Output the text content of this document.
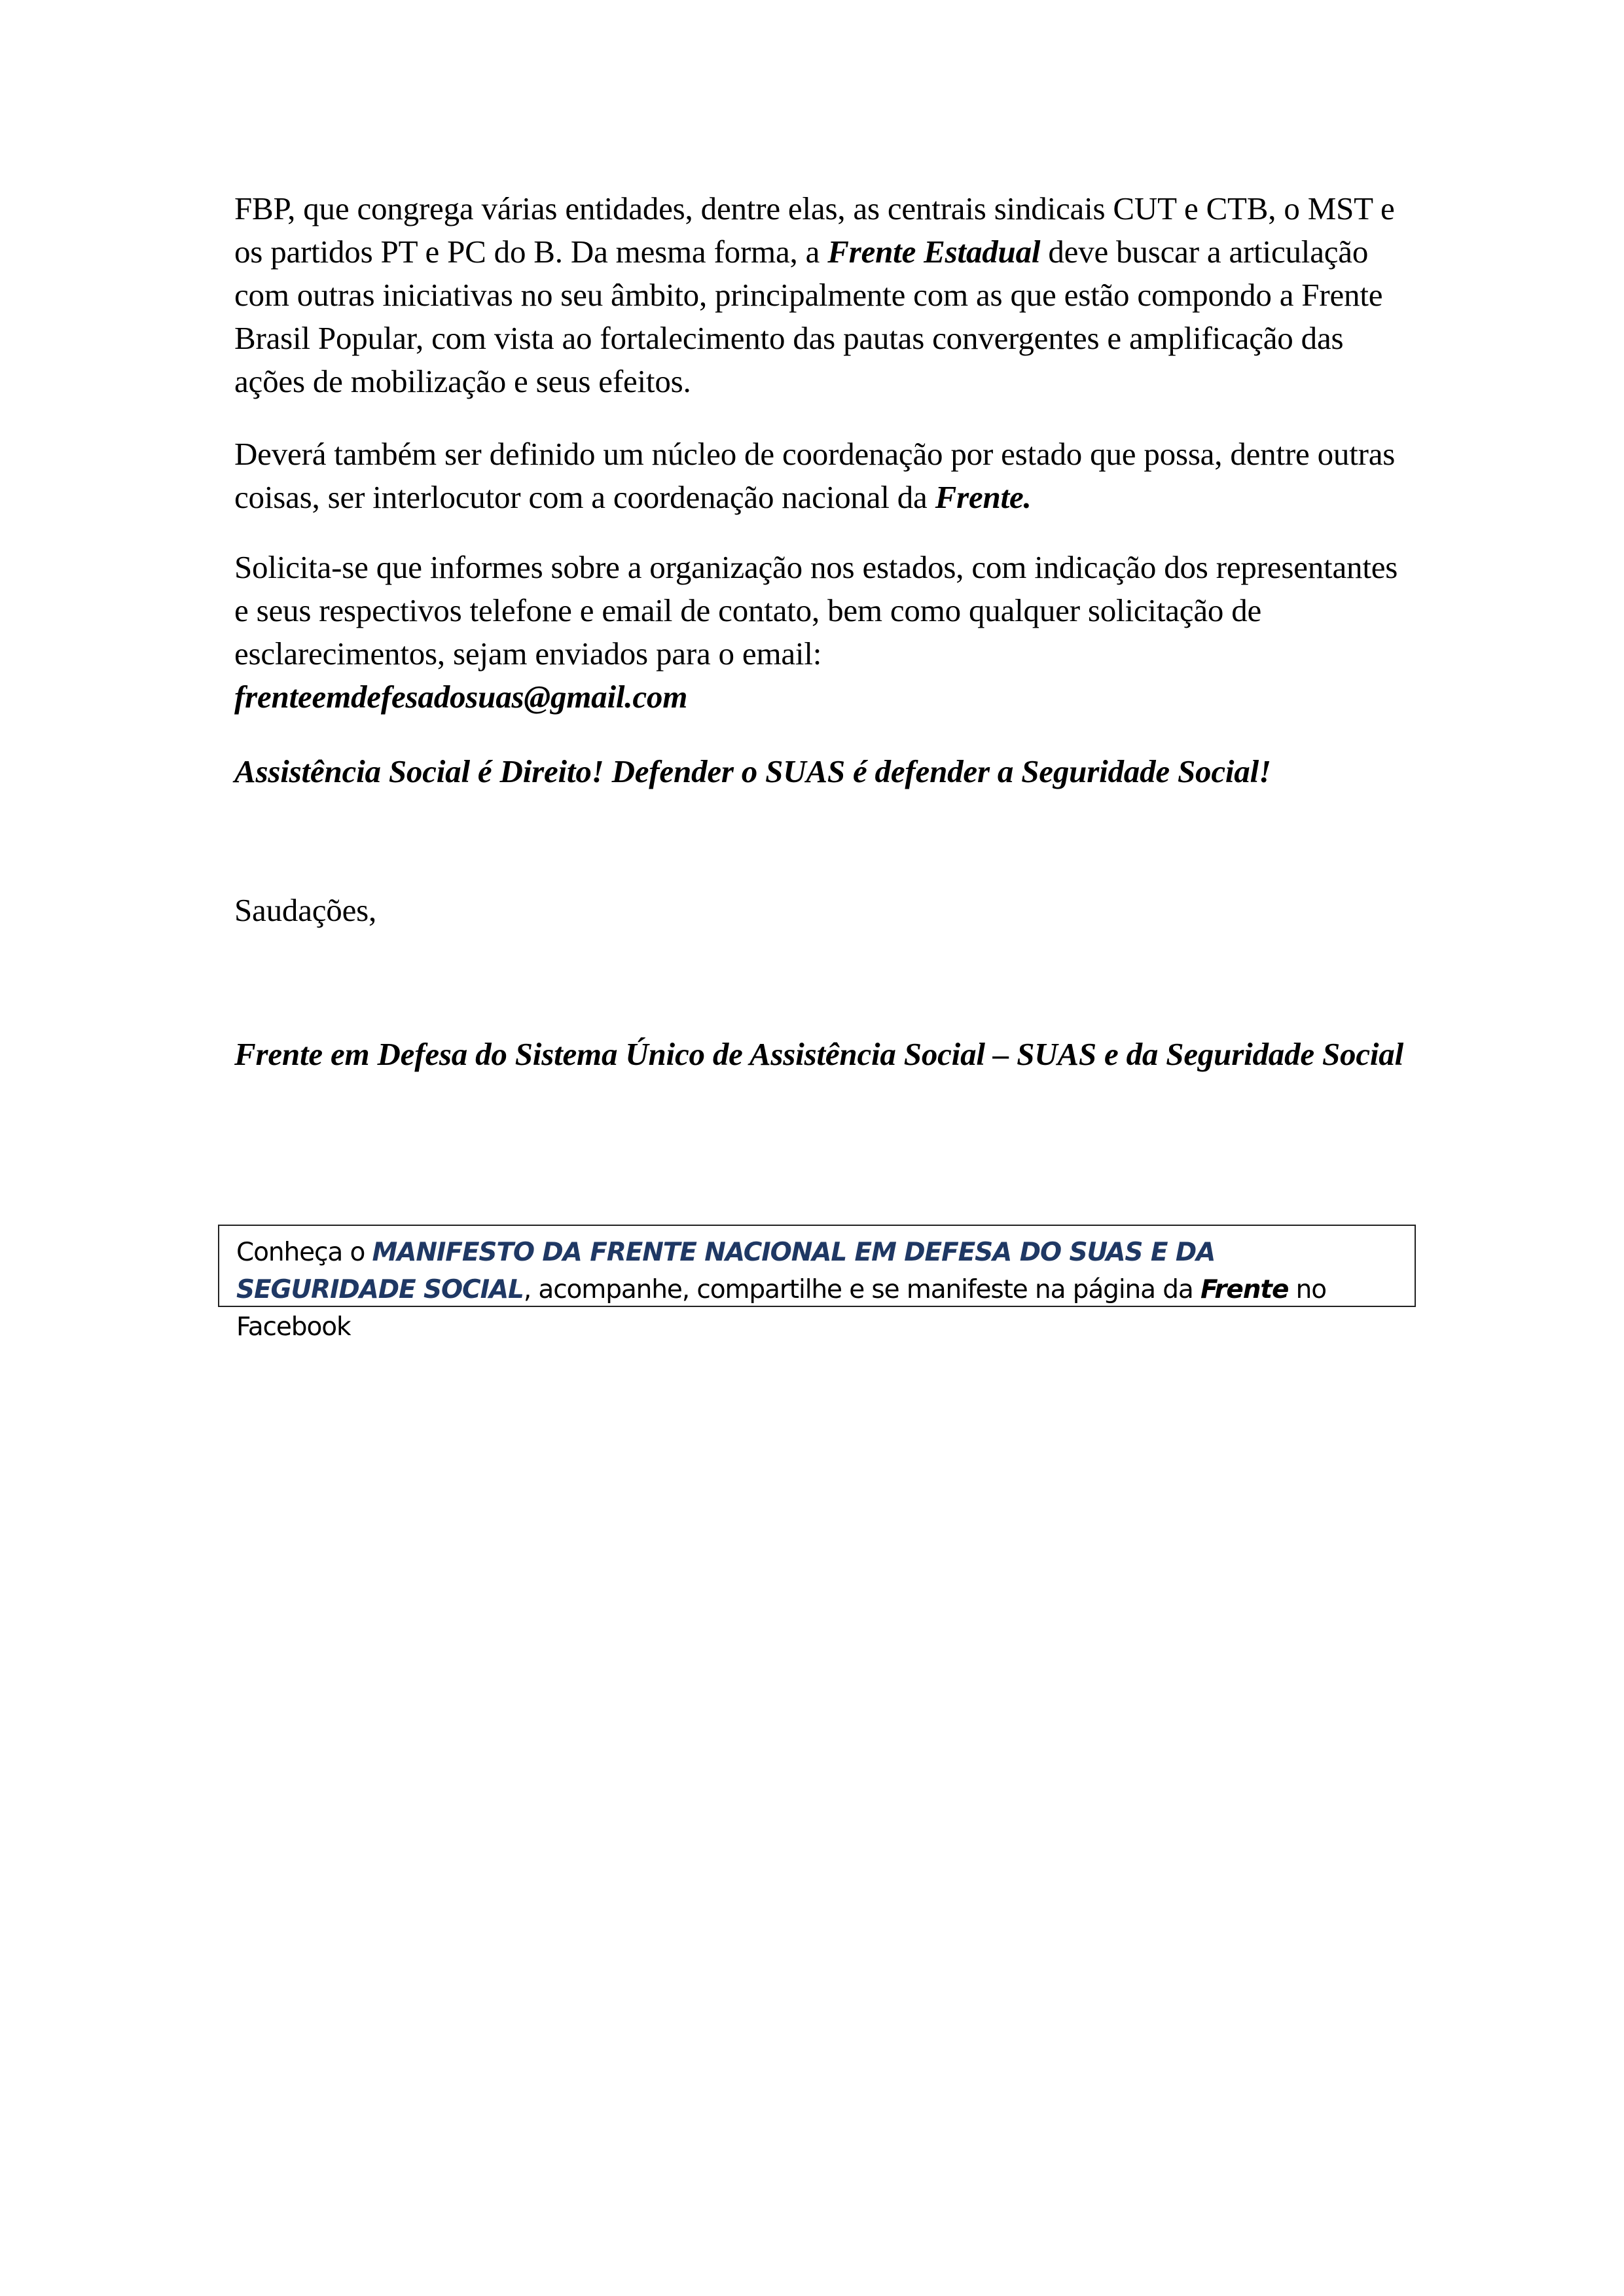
FBP, que congrega várias entidades, dentre elas, as centrais sindicais CUT e CTB, o MST e os partidos PT e PC do B. Da mesma forma, a Frente Estadual deve buscar a articulação com outras iniciativas no seu âmbito, principalmente com as que estão compondo a Frente Brasil Popular, com vista ao fortalecimento das pautas convergentes e amplificação das ações de mobilização e seus efeitos.

Deverá também ser definido um núcleo de coordenação por estado que possa, dentre outras coisas, ser interlocutor com a coordenação nacional da Frente.

Solicita-se que informes sobre a organização nos estados, com indicação dos representantes e seus respectivos telefone e email de contato, bem como qualquer solicitação de esclarecimentos, sejam enviados para o email:
frenteemdefesadosuas@gmail.com

Assistência Social é Direito! Defender o SUAS é defender a Seguridade Social!

Saudações,

Frente em Defesa do Sistema Único de Assistência Social – SUAS e da Seguridade Social

Conheça o MANIFESTO DA FRENTE NACIONAL EM DEFESA DO SUAS E DA SEGURIDADE SOCIAL, acompanhe, compartilhe e se manifeste na página da Frente no Facebook
